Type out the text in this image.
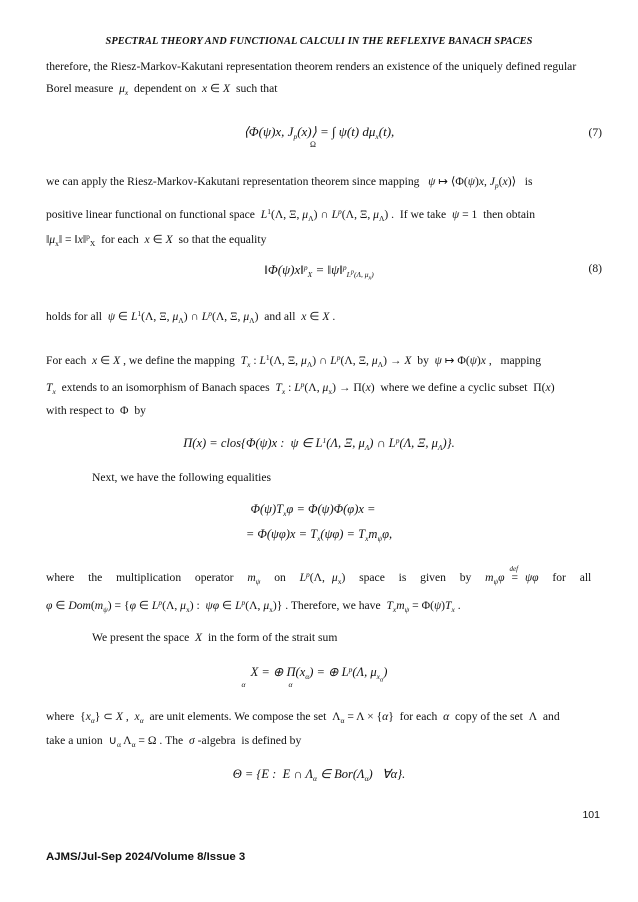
SPECTRAL THEORY AND FUNCTIONAL CALCULI IN THE REFLEXIVE BANACH SPACES
therefore, the Riesz-Markov-Kakutani representation theorem renders an existence of the uniquely defined regular
Borel measure  $\mu_x$  dependent on  x ∈ X  such that
⟨Φ(ψ)x, $J_p(x)⟩$ = ∫ ψ(t) $d\mu_x(t)$,
Ω
(7)
we can apply the Riesz-Markov-Kakutani representation theorem since mapping   ψ ↦ ⟨Φ(ψ)x, $J_p(x)⟩$   is
positive linear functional on functional space  $L^1(\Lambda$, Ξ, $\mu_\Lambda$) ∩ $L^p(\Lambda$, Ξ, $\mu_\Lambda$) .  If we take  ψ = 1  then obtain
$‖\mu_x‖$ = ‖x‖$^p_X$  for each  x ∈ X  so that the equality
‖Φ(ψ)x‖$^p_X$ = ‖ψ‖$^p_{L^p(\Lambda, \mu_x)}$	(8)
holds for all  ψ ∈ $L^1(\Lambda$, Ξ, $\mu_\Lambda$) ∩ $L^p(\Lambda$, Ξ, $\mu_\Lambda$)  and all  x ∈ X .
For each  x ∈ X , we define the mapping  $T_x$ : $L^1(\Lambda$, Ξ, $\mu_\Lambda$) ∩ $L^p(\Lambda$, Ξ, $\mu_\Lambda) \to X$  by  ψ ↦ Φ(ψ)x ,   mapping
$T_x$  extends to an isomorphism of Banach spaces  $T_x$ : $L^p(\Lambda$, $\mu_x) \to \Pi(x)$  where we define a cyclic subset  Π(x)
with respect to  Φ  by
Π(x) = clos{Φ(ψ)x :  ψ ∈ $L^1(\Lambda$, Ξ, $\mu_\Lambda$) ∩ $L^p(\Lambda$, Ξ, $\mu_\Lambda$)}.
Next, we have the following equalities
$\Phi(\psi)T_x\varphi = \Phi(\psi)\Phi(\varphi)x$ =
= $\Phi(\psi\varphi)x = T_x(\psi\varphi) = T_xm_\psi\varphi$,
where  the  multiplication  operator  $m_\psi$  on  $L^p(\Lambda$, $\mu_x$)  space  is  given  by  $m_\psi\varphi$ =
def
ψφ  for  all
φ ∈ $Dom(m_\psi) = \{\varphi$ ∈ $L^p(\Lambda$, $\mu_x$) :  ψφ ∈ $L^p(\Lambda$, $\mu_x$)} . Therefore, we have  $T_xm_\psi = \Phi(\psi)T_x$ .
We present the space  X  in the form of the strait sum
X = ⊕ $\Pi(x_\alpha)$ = ⊕ $L^p(\Lambda$, $\mu_{x_\alpha}$)
α                       α
where  $\{x_\alpha\}$ ⊂ X ,  $x_\alpha$  are unit elements. We compose the set  $\Lambda_\alpha = \Lambda \times \{\alpha\}$  for each  α  copy of the set  Λ  and
take a union  $\cup_\alpha$ $\Lambda_\alpha = \Omega$ . The  σ -algebra  is defined by
Θ = {E :  E ∩ $\Lambda_\alpha$ ∈ $Bor(\Lambda_\alpha)$   ∀α}.
101
AJMS/Jul-Sep 2024/Volume 8/Issue 3
